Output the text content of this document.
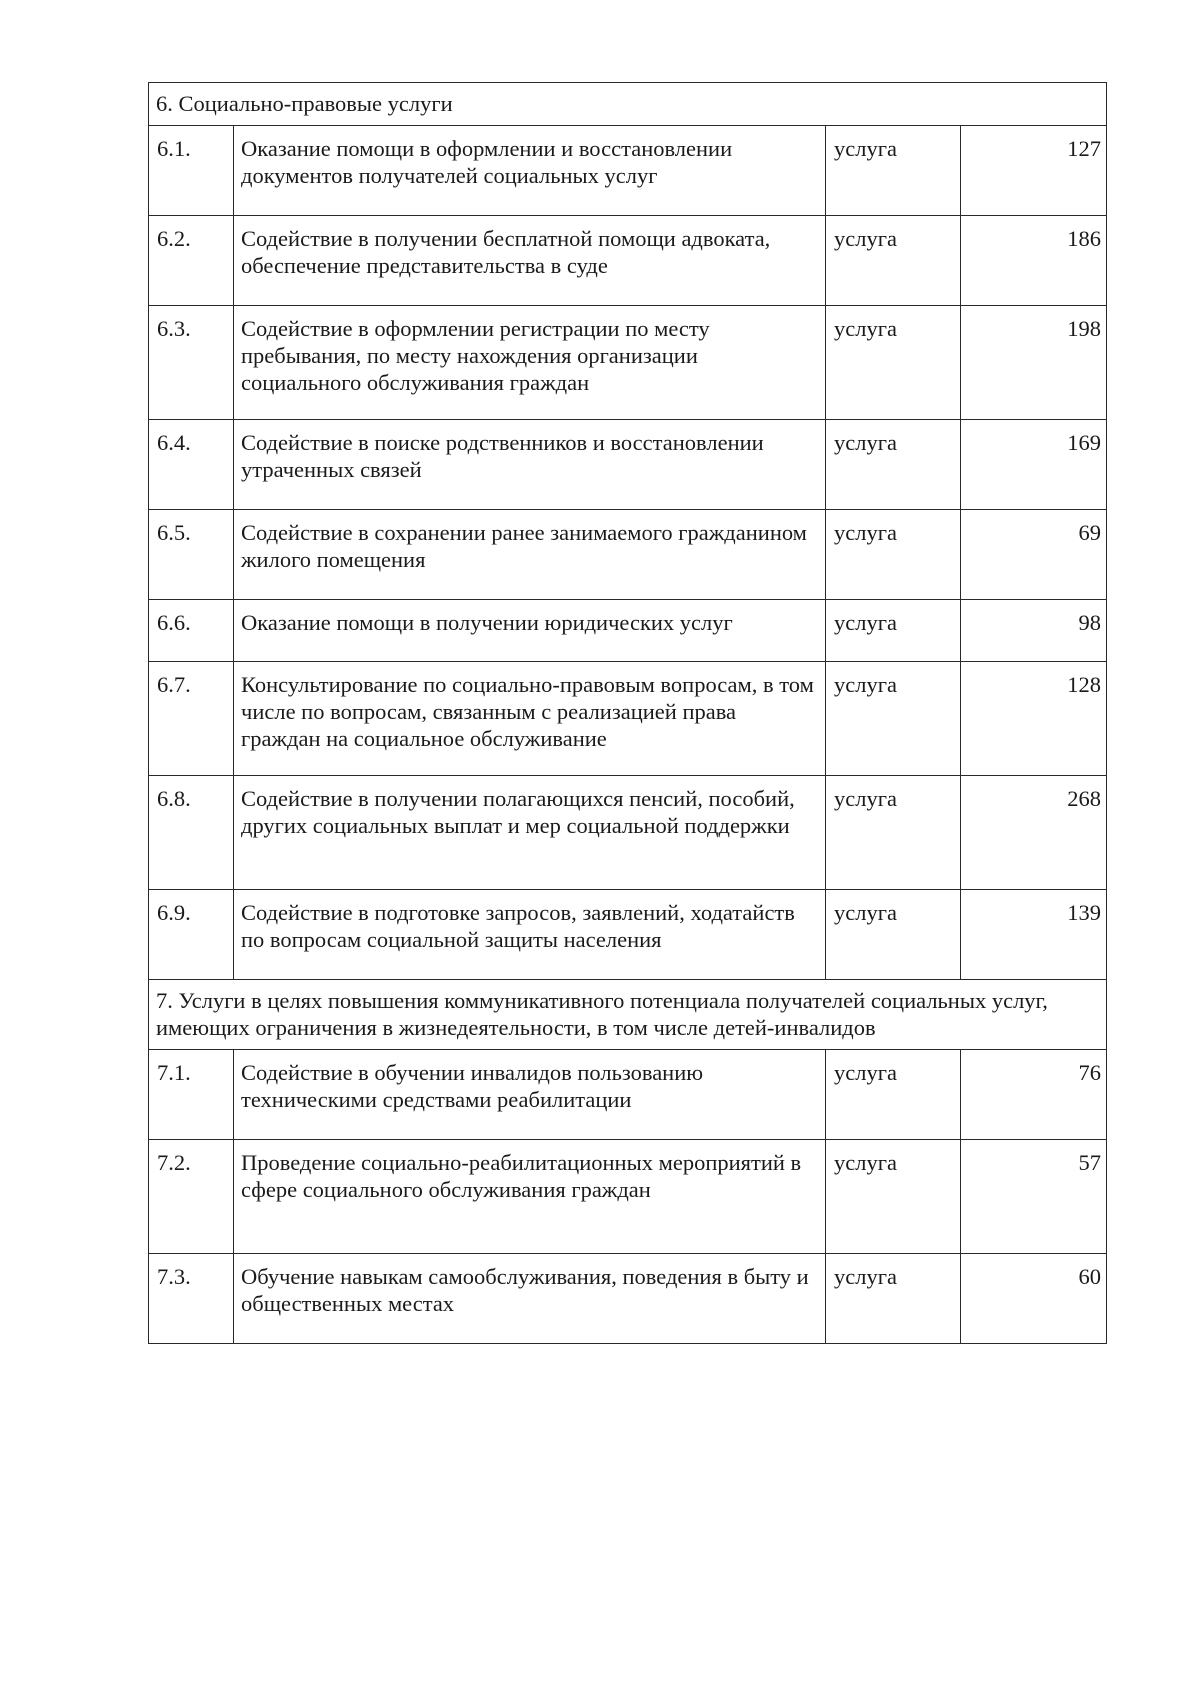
6. Социально-правовые услуги			
6.1.	Оказание помощи в оформлении и восстановлении документов получателей социальных услуг	услуга	127
6.2.	Содействие в получении бесплатной помощи адвоката, обеспечение представительства в суде	услуга	186
6.3.	Содействие в оформлении регистрации по месту пребывания, по месту нахождения организации социального обслуживания граждан	услуга	198
6.4.	Содействие в поиске родственников и восстановлении утраченных связей	услуга	169
6.5.	Содействие в сохранении ранее занимаемого гражданином жилого помещения	услуга	69
6.6.	Оказание помощи в получении юридических услуг	услуга	98
6.7.	Консультирование по социально-правовым вопросам, в том числе по вопросам, связанным с реализацией права граждан на социальное обслуживание	услуга	128
6.8.	Содействие в получении полагающихся пенсий, пособий, других социальных выплат и мер социальной поддержки	услуга	268
6.9.	Содействие в подготовке запросов, заявлений, ходатайств по вопросам социальной защиты населения	услуга	139
7. Услуги в целях повышения коммуникативного потенциала получателей социальных услуг, имеющих ограничения в жизнедеятельности, в том числе детей-инвалидов			
7.1.	Содействие в обучении инвалидов пользованию техническими средствами реабилитации	услуга	76
7.2.	Проведение социально-реабилитационных мероприятий в сфере социального обслуживания граждан	услуга	57
7.3.	Обучение навыкам самообслуживания, поведения в быту и общественных местах	услуга	60
